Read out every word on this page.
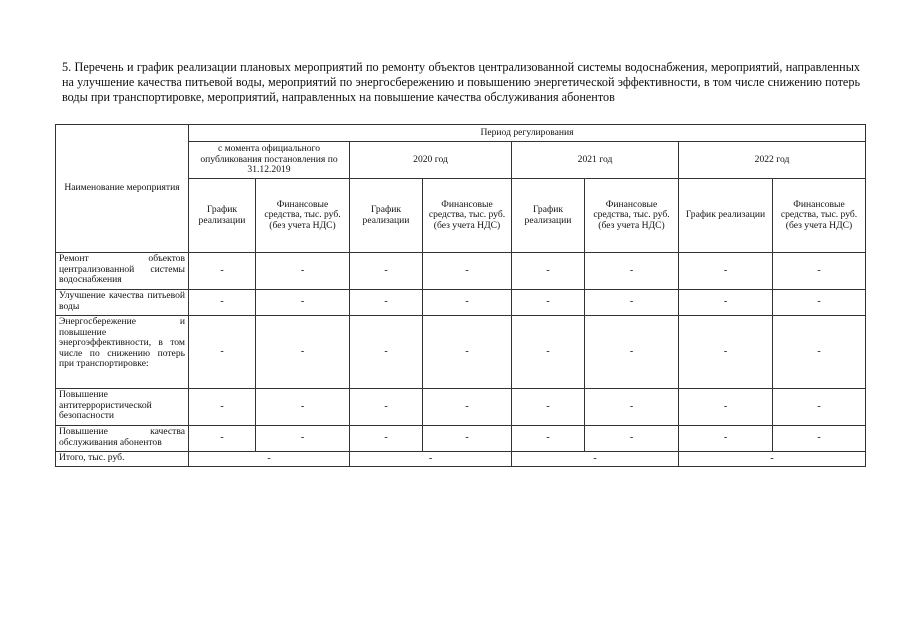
5. Перечень и график реализации плановых мероприятий по ремонту объектов централизованной системы водоснабжения, мероприятий, направленных на улучшение качества питьевой воды, мероприятий по энергосбережению и повышению энергетической эффективности, в том числе снижению потерь воды при транспортировке, мероприятий, направленных на повышение качества обслуживания абонентов

Наименование мероприятия	Период регулирования							
	с момента официального опубликования постановления по 31.12.2019		2020 год		2021 год		2022 год	
	График реализации	Финансовые средства, тыс. руб. (без учета НДС)	График реализации	Финансовые средства, тыс. руб. (без учета НДС)	График реализации	Финансовые средства, тыс. руб. (без учета НДС)	График реализации	Финансовые средства, тыс. руб. (без учета НДС)
Ремонт объектов централизованной системы водоснабжения	-	-	-	-	-	-	-	-
Улучшение качества питьевой воды	-	-	-	-	-	-	-	-
Энергосбережение и повышение энергоэффективности, в том числе по снижению потерь при транспортировке:	-	-	-	-	-	-	-	-
Повышение антитеррористической безопасности	-	-	-	-	-	-	-	-
Повышение качества обслуживания абонентов	-	-	-	-	-	-	-	-
Итого, тыс. руб.	-		-		-		-	
